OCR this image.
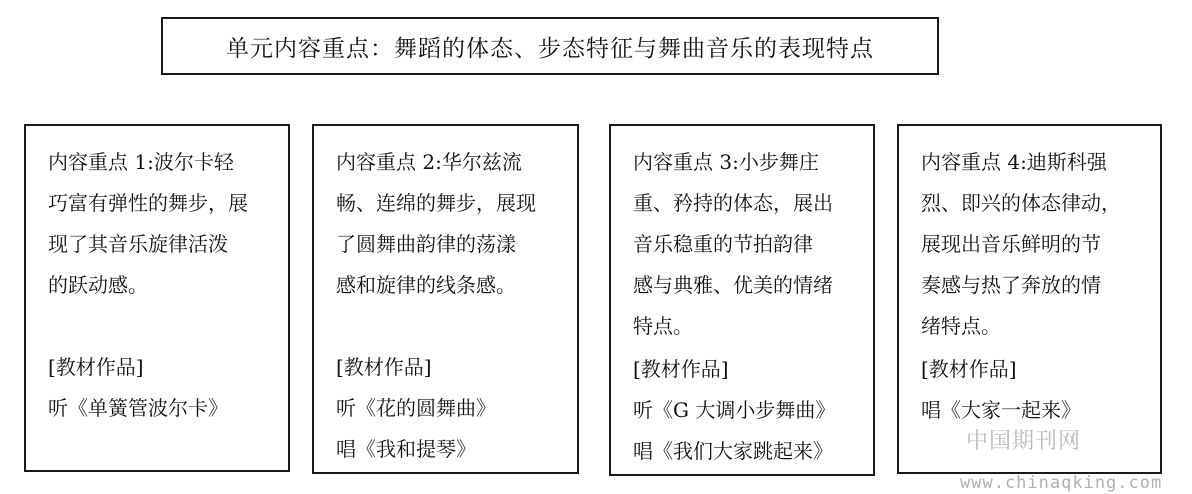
单元内容重点：舞蹈的体态、步态特征与舞曲音乐的表现特点
内容重点 1:波尔卡轻
巧富有弹性的舞步，展
现了其音乐旋律活泼
的跃动感。
[教材作品]
听《单簧管波尔卡》
内容重点 2:华尔兹流
畅、连绵的舞步，展现
了圆舞曲韵律的荡漾
感和旋律的线条感。
[教材作品]
听《花的圆舞曲》
唱《我和提琴》
内容重点 3:小步舞庄
重、矜持的体态，展出
音乐稳重的节拍韵律
感与典雅、优美的情绪
特点。
[教材作品]
听《G 大调小步舞曲》
唱《我们大家跳起来》
内容重点 4:迪斯科强
烈、即兴的体态律动，
展现出音乐鲜明的节
奏感与热了奔放的情
绪特点。
[教材作品]
唱《大家一起来》
中国期刊网
www.chinaqking.com
